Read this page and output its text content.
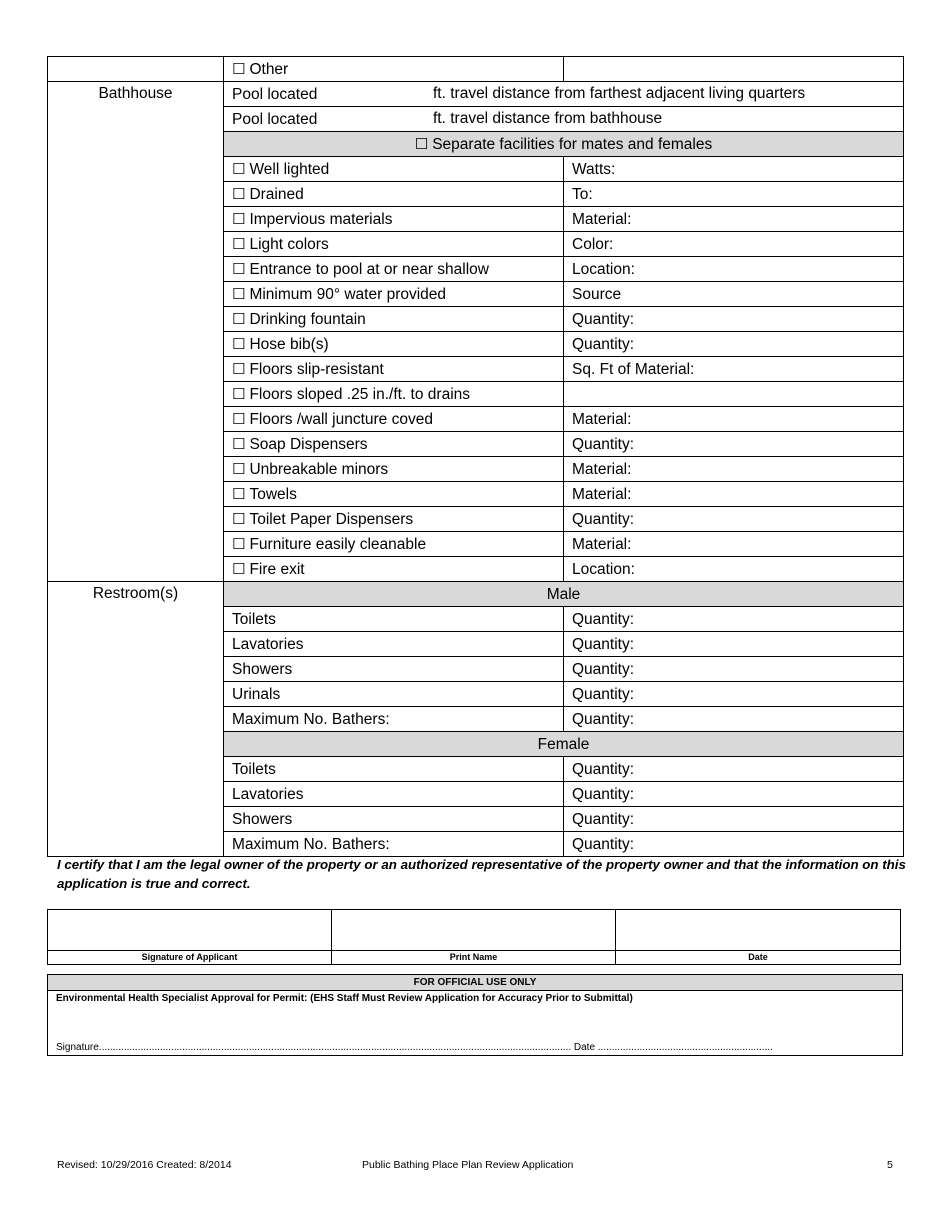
	☐ Other	
Bathhouse	Pool located ft. travel distance from farthest adjacent living quarters	

	Pool located ft. travel distance from bathhouse	

	☐ Separate facilities for mates and females	
	☐ Well lighted	Watts:
	☐ Drained	To:
	☐ Impervious materials	Material:
	☐ Light colors	Color:
	☐ Entrance to pool at or near shallow	Location:
	☐ Minimum 90° water provided	Source
	☐ Drinking fountain	Quantity:
	☐ Hose bib(s)	Quantity:
	☐ Floors slip-resistant	Sq. Ft of Material:
	☐ Floors sloped .25 in./ft. to drains	
	☐ Floors /wall juncture coved	Material:
	☐ Soap Dispensers	Quantity:
	☐ Unbreakable minors	Material:
	☐ Towels	Material:
	☐ Toilet Paper Dispensers	Quantity:
	☐ Furniture easily cleanable	Material:
	☐ Fire exit	Location:
Restroom(s)	Male	
	Toilets	Quantity:
	Lavatories	Quantity:
	Showers	Quantity:
	Urinals	Quantity:
	Maximum No. Bathers:	Quantity:
	Female	
	Toilets	Quantity:
	Lavatories	Quantity:
	Showers	Quantity:
	Maximum No. Bathers:	Quantity:
I certify that I am the legal owner of the property or an authorized representative of the property owner and that the information on this application is true and correct.

Signature of Applicant	Print Name	Date
FOR OFFICIAL USE ONLY
Environmental Health Specialist Approval for Permit: (EHS Staff Must Review Application for Accuracy Prior to Submittal)
Signature.......................................................................................................................................................................... Date ...............................................................
Revised: 10/29/2016 Created: 8/2014	Public Bathing Place Plan Review Application	5
